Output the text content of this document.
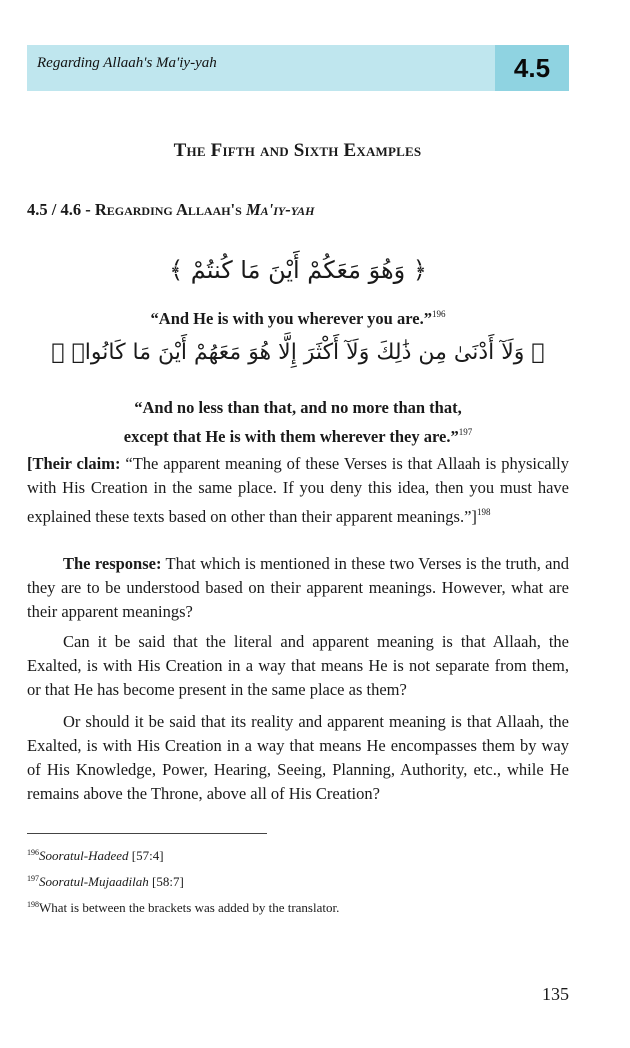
Regarding Allaah's Ma'iy-yah	4.5
The Fifth and Sixth Examples
4.5 / 4.6 - Regarding Allaah's Ma'iy-yah
﴿ وَهُوَ مَعَكُمْ أَيْنَ مَا كُنتُمْ ﴾
“And He is with you wherever you are.”$^{196}$
﴿ وَلَآ أَدْنَىٰ مِن ذَٰلِكَ وَلَآ أَكْثَرَ إِلَّا هُوَ مَعَهُمْ أَيْنَ مَا كَانُوا۟ ﴾
“And no less than that, and no more than that,
except that He is with them wherever they are.”$^{197}$
[Their claim: “The apparent meaning of these Verses is that Allaah is physically with His Creation in the same place. If you deny this idea, then you must have explained these texts based on other than their apparent meanings.”]$^{198}$
The response: That which is mentioned in these two Verses is the truth, and they are to be understood based on their apparent meanings. However, what are their apparent meanings?
Can it be said that the literal and apparent meaning is that Allaah, the Exalted, is with His Creation in a way that means He is not separate from them, or that He has become present in the same place as them?
Or should it be said that its reality and apparent meaning is that Allaah, the Exalted, is with His Creation in a way that means He encompasses them by way of His Knowledge, Power, Hearing, Seeing, Planning, Authority, etc., while He remains above the Throne, above all of His Creation?
$^{196}$Sooratul-Hadeed [57:4]
$^{197}$Sooratul-Mujaadilah [58:7]
$^{198}$What is between the brackets was added by the translator.
135
